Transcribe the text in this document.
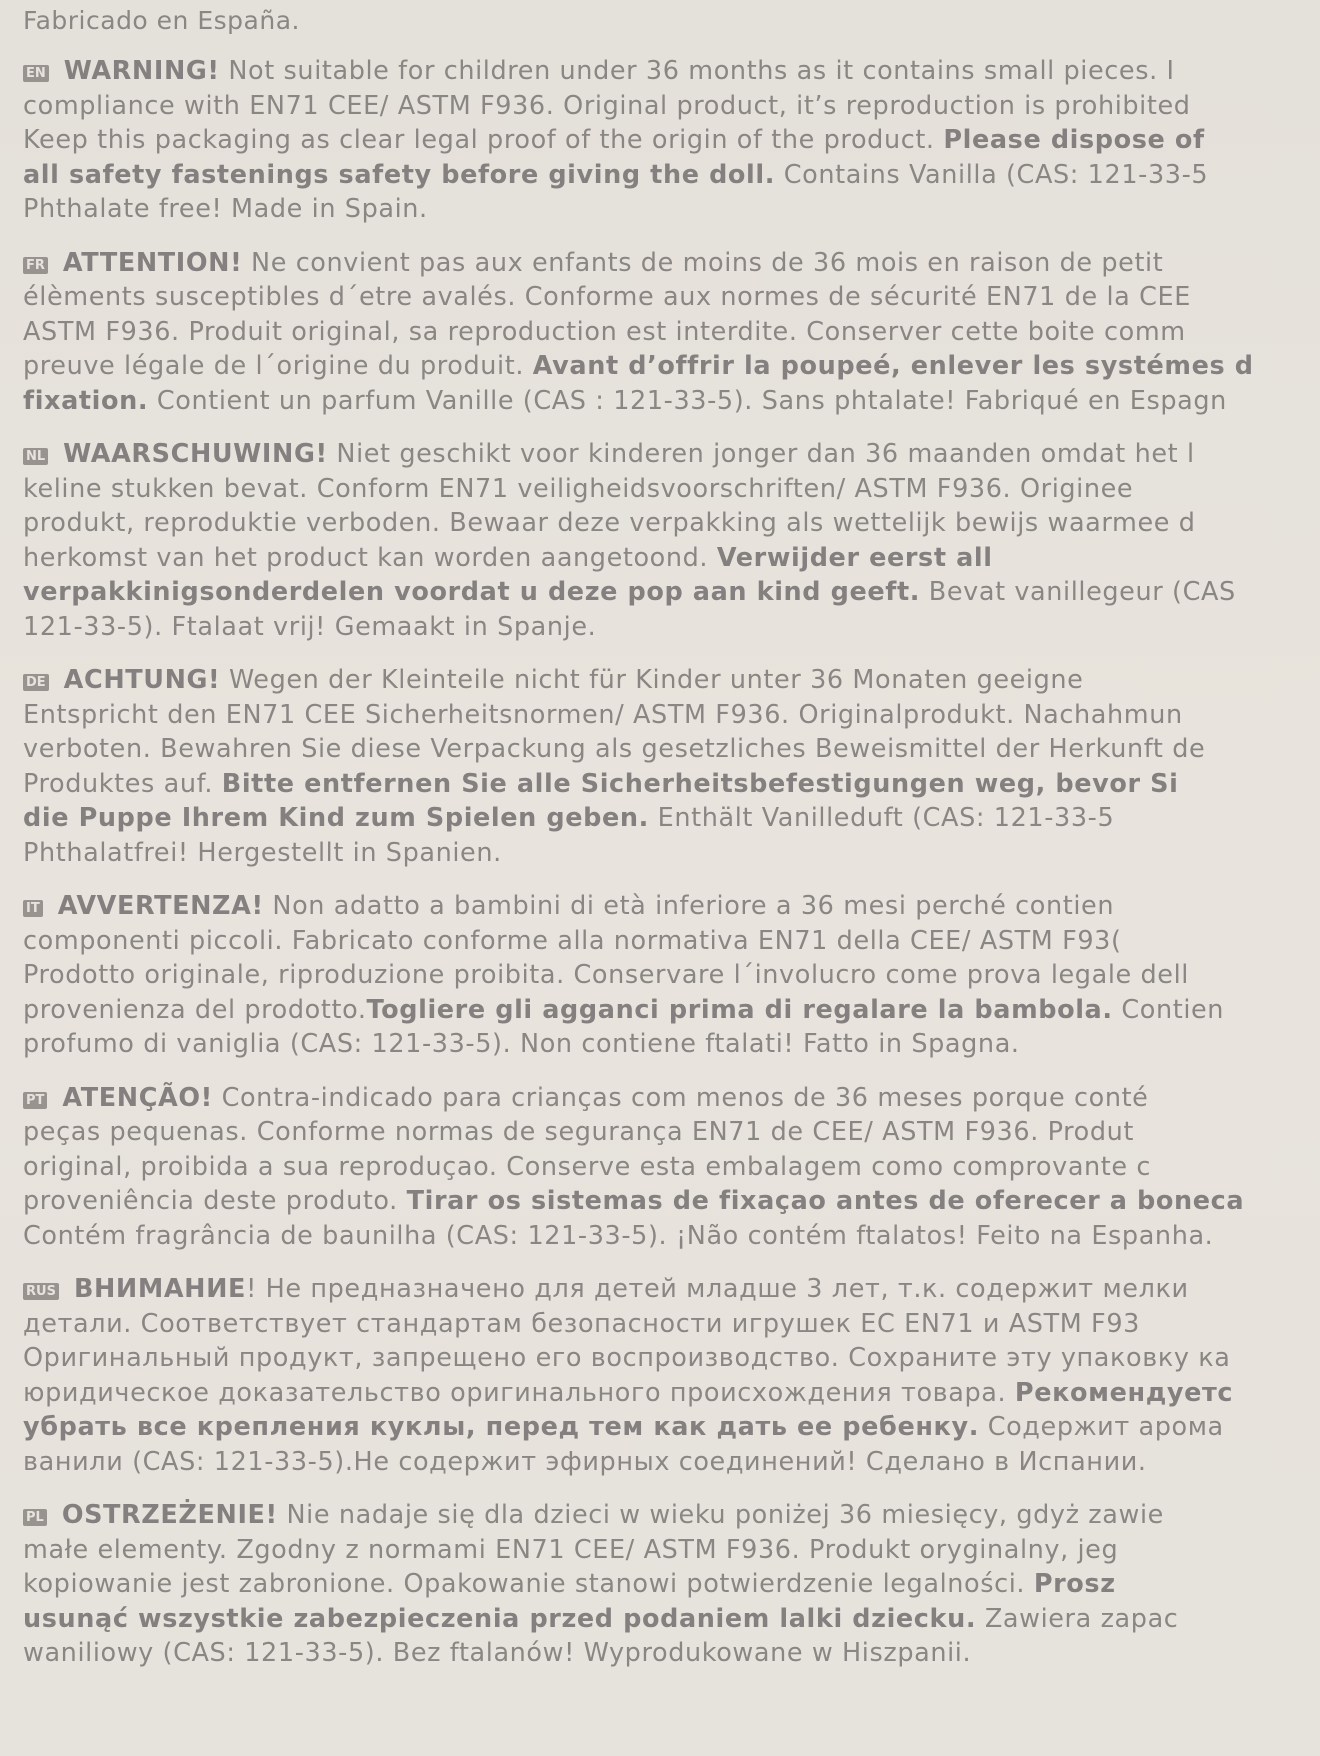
Fabricado en España.
EN WARNING! Not suitable for children under 36 months as it contains small pieces. I
compliance with EN71 CEE/ ASTM F936. Original product, it’s reproduction is prohibited
Keep this packaging as clear legal proof of the origin of the product. Please dispose of
all safety fastenings safety before giving the doll. Contains Vanilla (CAS: 121-33-5
Phthalate free! Made in Spain.
FR ATTENTION! Ne convient pas aux enfants de moins de 36 mois en raison de petit
élèments susceptibles d´etre avalés. Conforme aux normes de sécurité EN71 de la CEE
ASTM F936. Produit original, sa reproduction est interdite. Conserver cette boite comm
preuve légale de l´origine du produit. Avant d’offrir la poupeé, enlever les systémes d
fixation. Contient un parfum Vanille (CAS : 121-33-5). Sans phtalate! Fabriqué en Espagn
NL WAARSCHUWING! Niet geschikt voor kinderen jonger dan 36 maanden omdat het l
keline stukken bevat. Conform EN71 veiligheidsvoorschriften/ ASTM F936. Originee
produkt, reproduktie verboden. Bewaar deze verpakking als wettelijk bewijs waarmee d
herkomst van het product kan worden aangetoond. Verwijder eerst all
verpakkinigsonderdelen voordat u deze pop aan kind geeft. Bevat vanillegeur (CAS
121-33-5). Ftalaat vrij! Gemaakt in Spanje.
DE ACHTUNG! Wegen der Kleinteile nicht für Kinder unter 36 Monaten geeigne
Entspricht den EN71 CEE Sicherheitsnormen/ ASTM F936. Originalprodukt. Nachahmun
verboten. Bewahren Sie diese Verpackung als gesetzliches Beweismittel der Herkunft de
Produktes auf. Bitte entfernen Sie alle Sicherheitsbefestigungen weg, bevor Si
die Puppe Ihrem Kind zum Spielen geben. Enthält Vanilleduft (CAS: 121-33-5
Phthalatfrei! Hergestellt in Spanien.
IT AVVERTENZA! Non adatto a bambini di età inferiore a 36 mesi perché contien
componenti piccoli. Fabricato conforme alla normativa EN71 della CEE/ ASTM F93(
Prodotto originale, riproduzione proibita. Conservare l´involucro come prova legale dell
provenienza del prodotto.Togliere gli agganci prima di regalare la bambola. Contien
profumo di vaniglia (CAS: 121-33-5). Non contiene ftalati! Fatto in Spagna.
PT ATENÇÃO! Contra-indicado para crianças com menos de 36 meses porque conté
peças pequenas. Conforme normas de segurança EN71 de CEE/ ASTM F936. Produt
original, proibida a sua reproduçao. Conserve esta embalagem como comprovante c
proveniência deste produto. Tirar os sistemas de fixaçao antes de oferecer a boneca
Contém fragrância de baunilha (CAS: 121-33-5). ¡Não contém ftalatos! Feito na Espanha.
RUS ВНИМАНИЕ! Не предназначено для детей младше 3 лет, т.к. содержит мелки
детали. Соответствует стандартам безопасности игрушек ЕС EN71 и ASTM F93
Оригинальный продукт, запрещено его воспроизводство. Сохраните эту упаковку ка
юридическое доказательство оригинального происхождения товара. Рекомендуетс
убрать все крепления куклы, перед тем как дать ее ребенку. Содержит арома
ванили (CAS: 121-33-5).Не содержит эфирных соединений! Сделано в Испании.
PL OSTRZEŻENIE! Nie nadaje się dla dzieci w wieku poniżej 36 miesięcy, gdyż zawie
małe elementy. Zgodny z normami EN71 CEE/ ASTM F936. Produkt oryginalny, jeg
kopiowanie jest zabronione. Opakowanie stanowi potwierdzenie legalności. Prosz
usunąć wszystkie zabezpieczenia przed podaniem lalki dziecku. Zawiera zapac
waniliowy (CAS: 121-33-5). Bez ftalanów! Wyprodukowane w Hiszpanii.
